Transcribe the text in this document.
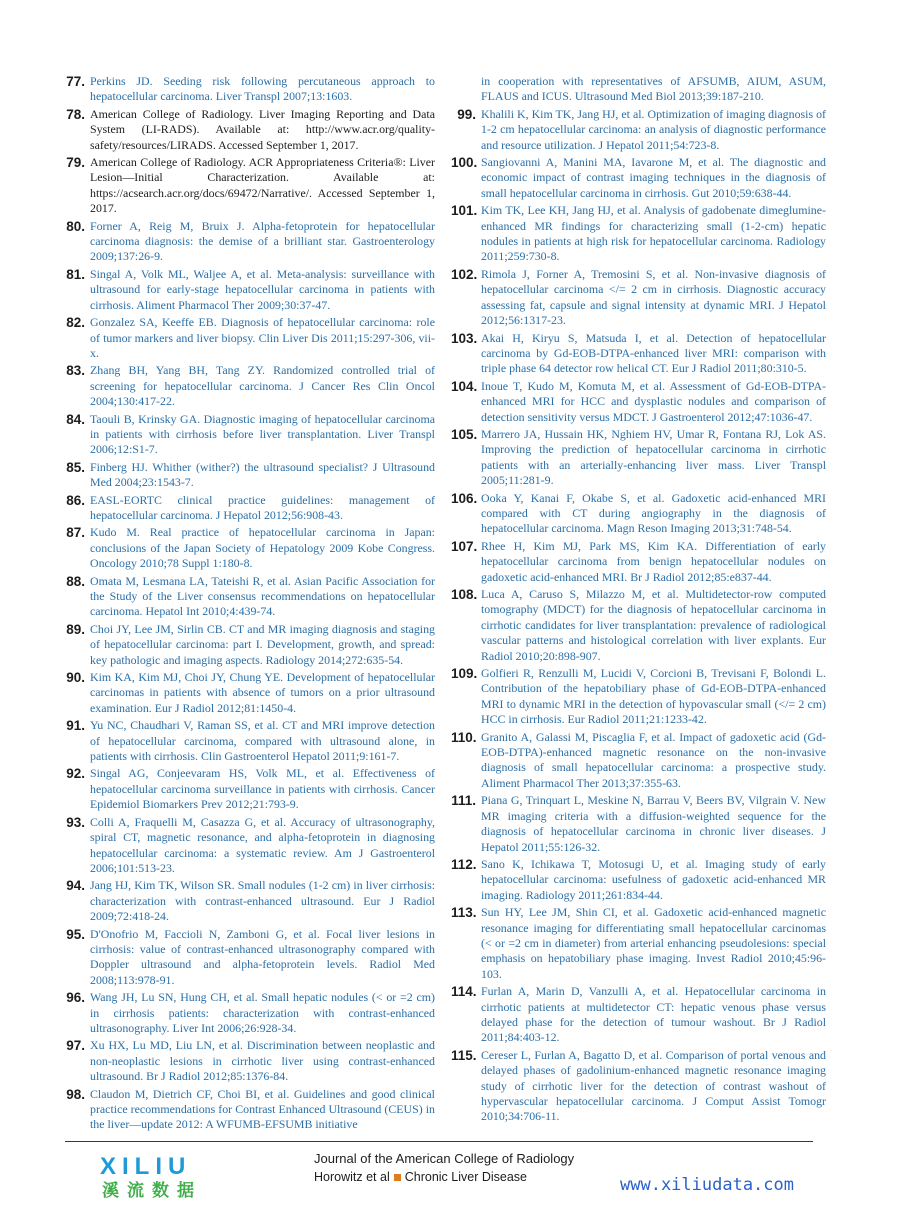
77. Perkins JD. Seeding risk following percutaneous approach to hepatocellular carcinoma. Liver Transpl 2007;13:1603.
78. American College of Radiology. Liver Imaging Reporting and Data System (LI-RADS). Available at: http://www.acr.org/quality-safety/resources/LIRADS. Accessed September 1, 2017.
79. American College of Radiology. ACR Appropriateness Criteria®: Liver Lesion—Initial Characterization. Available at: https://acsearch.acr.org/docs/69472/Narrative/. Accessed September 1, 2017.
80. Forner A, Reig M, Bruix J. Alpha-fetoprotein for hepatocellular carcinoma diagnosis: the demise of a brilliant star. Gastroenterology 2009;137:26-9.
81. Singal A, Volk ML, Waljee A, et al. Meta-analysis: surveillance with ultrasound for early-stage hepatocellular carcinoma in patients with cirrhosis. Aliment Pharmacol Ther 2009;30:37-47.
82. Gonzalez SA, Keeffe EB. Diagnosis of hepatocellular carcinoma: role of tumor markers and liver biopsy. Clin Liver Dis 2011;15:297-306, vii-x.
83. Zhang BH, Yang BH, Tang ZY. Randomized controlled trial of screening for hepatocellular carcinoma. J Cancer Res Clin Oncol 2004;130:417-22.
84. Taouli B, Krinsky GA. Diagnostic imaging of hepatocellular carcinoma in patients with cirrhosis before liver transplantation. Liver Transpl 2006;12:S1-7.
85. Finberg HJ. Whither (wither?) the ultrasound specialist? J Ultrasound Med 2004;23:1543-7.
86. EASL-EORTC clinical practice guidelines: management of hepatocellular carcinoma. J Hepatol 2012;56:908-43.
87. Kudo M. Real practice of hepatocellular carcinoma in Japan: conclusions of the Japan Society of Hepatology 2009 Kobe Congress. Oncology 2010;78 Suppl 1:180-8.
88. Omata M, Lesmana LA, Tateishi R, et al. Asian Pacific Association for the Study of the Liver consensus recommendations on hepatocellular carcinoma. Hepatol Int 2010;4:439-74.
89. Choi JY, Lee JM, Sirlin CB. CT and MR imaging diagnosis and staging of hepatocellular carcinoma: part I. Development, growth, and spread: key pathologic and imaging aspects. Radiology 2014;272:635-54.
90. Kim KA, Kim MJ, Choi JY, Chung YE. Development of hepatocellular carcinomas in patients with absence of tumors on a prior ultrasound examination. Eur J Radiol 2012;81:1450-4.
91. Yu NC, Chaudhari V, Raman SS, et al. CT and MRI improve detection of hepatocellular carcinoma, compared with ultrasound alone, in patients with cirrhosis. Clin Gastroenterol Hepatol 2011;9:161-7.
92. Singal AG, Conjeevaram HS, Volk ML, et al. Effectiveness of hepatocellular carcinoma surveillance in patients with cirrhosis. Cancer Epidemiol Biomarkers Prev 2012;21:793-9.
93. Colli A, Fraquelli M, Casazza G, et al. Accuracy of ultrasonography, spiral CT, magnetic resonance, and alpha-fetoprotein in diagnosing hepatocellular carcinoma: a systematic review. Am J Gastroenterol 2006;101:513-23.
94. Jang HJ, Kim TK, Wilson SR. Small nodules (1-2 cm) in liver cirrhosis: characterization with contrast-enhanced ultrasound. Eur J Radiol 2009;72:418-24.
95. D'Onofrio M, Faccioli N, Zamboni G, et al. Focal liver lesions in cirrhosis: value of contrast-enhanced ultrasonography compared with Doppler ultrasound and alpha-fetoprotein levels. Radiol Med 2008;113:978-91.
96. Wang JH, Lu SN, Hung CH, et al. Small hepatic nodules (< or =2 cm) in cirrhosis patients: characterization with contrast-enhanced ultrasonography. Liver Int 2006;26:928-34.
97. Xu HX, Lu MD, Liu LN, et al. Discrimination between neoplastic and non-neoplastic lesions in cirrhotic liver using contrast-enhanced ultrasound. Br J Radiol 2012;85:1376-84.
98. Claudon M, Dietrich CF, Choi BI, et al. Guidelines and good clinical practice recommendations for Contrast Enhanced Ultrasound (CEUS) in the liver—update 2012: A WFUMB-EFSUMB initiative
in cooperation with representatives of AFSUMB, AIUM, ASUM, FLAUS and ICUS. Ultrasound Med Biol 2013;39:187-210.
99. Khalili K, Kim TK, Jang HJ, et al. Optimization of imaging diagnosis of 1-2 cm hepatocellular carcinoma: an analysis of diagnostic performance and resource utilization. J Hepatol 2011;54:723-8.
100. Sangiovanni A, Manini MA, Iavarone M, et al. The diagnostic and economic impact of contrast imaging techniques in the diagnosis of small hepatocellular carcinoma in cirrhosis. Gut 2010;59:638-44.
101. Kim TK, Lee KH, Jang HJ, et al. Analysis of gadobenate dimeglumine-enhanced MR findings for characterizing small (1-2-cm) hepatic nodules in patients at high risk for hepatocellular carcinoma. Radiology 2011;259:730-8.
102. Rimola J, Forner A, Tremosini S, et al. Non-invasive diagnosis of hepatocellular carcinoma </= 2 cm in cirrhosis. Diagnostic accuracy assessing fat, capsule and signal intensity at dynamic MRI. J Hepatol 2012;56:1317-23.
103. Akai H, Kiryu S, Matsuda I, et al. Detection of hepatocellular carcinoma by Gd-EOB-DTPA-enhanced liver MRI: comparison with triple phase 64 detector row helical CT. Eur J Radiol 2011;80:310-5.
104. Inoue T, Kudo M, Komuta M, et al. Assessment of Gd-EOB-DTPA-enhanced MRI for HCC and dysplastic nodules and comparison of detection sensitivity versus MDCT. J Gastroenterol 2012;47:1036-47.
105. Marrero JA, Hussain HK, Nghiem HV, Umar R, Fontana RJ, Lok AS. Improving the prediction of hepatocellular carcinoma in cirrhotic patients with an arterially-enhancing liver mass. Liver Transpl 2005;11:281-9.
106. Ooka Y, Kanai F, Okabe S, et al. Gadoxetic acid-enhanced MRI compared with CT during angiography in the diagnosis of hepatocellular carcinoma. Magn Reson Imaging 2013;31:748-54.
107. Rhee H, Kim MJ, Park MS, Kim KA. Differentiation of early hepatocellular carcinoma from benign hepatocellular nodules on gadoxetic acid-enhanced MRI. Br J Radiol 2012;85:e837-44.
108. Luca A, Caruso S, Milazzo M, et al. Multidetector-row computed tomography (MDCT) for the diagnosis of hepatocellular carcinoma in cirrhotic candidates for liver transplantation: prevalence of radiological vascular patterns and histological correlation with liver explants. Eur Radiol 2010;20:898-907.
109. Golfieri R, Renzulli M, Lucidi V, Corcioni B, Trevisani F, Bolondi L. Contribution of the hepatobiliary phase of Gd-EOB-DTPA-enhanced MRI to dynamic MRI in the detection of hypovascular small (</= 2 cm) HCC in cirrhosis. Eur Radiol 2011;21:1233-42.
110. Granito A, Galassi M, Piscaglia F, et al. Impact of gadoxetic acid (Gd-EOB-DTPA)-enhanced magnetic resonance on the non-invasive diagnosis of small hepatocellular carcinoma: a prospective study. Aliment Pharmacol Ther 2013;37:355-63.
111. Piana G, Trinquart L, Meskine N, Barrau V, Beers BV, Vilgrain V. New MR imaging criteria with a diffusion-weighted sequence for the diagnosis of hepatocellular carcinoma in chronic liver diseases. J Hepatol 2011;55:126-32.
112. Sano K, Ichikawa T, Motosugi U, et al. Imaging study of early hepatocellular carcinoma: usefulness of gadoxetic acid-enhanced MR imaging. Radiology 2011;261:834-44.
113. Sun HY, Lee JM, Shin CI, et al. Gadoxetic acid-enhanced magnetic resonance imaging for differentiating small hepatocellular carcinomas (< or =2 cm in diameter) from arterial enhancing pseudolesions: special emphasis on hepatobiliary phase imaging. Invest Radiol 2010;45:96-103.
114. Furlan A, Marin D, Vanzulli A, et al. Hepatocellular carcinoma in cirrhotic patients at multidetector CT: hepatic venous phase versus delayed phase for the detection of tumour washout. Br J Radiol 2011;84:403-12.
115. Cereser L, Furlan A, Bagatto D, et al. Comparison of portal venous and delayed phases of gadolinium-enhanced magnetic resonance imaging study of cirrhotic liver for the detection of contrast washout of hypervascular hepatocellular carcinoma. J Comput Assist Tomogr 2010;34:706-11.
XILIU
溪流数据
Journal of the American College of Radiology
Horowitz et al Chronic Liver Disease	www.xiliudata.com
